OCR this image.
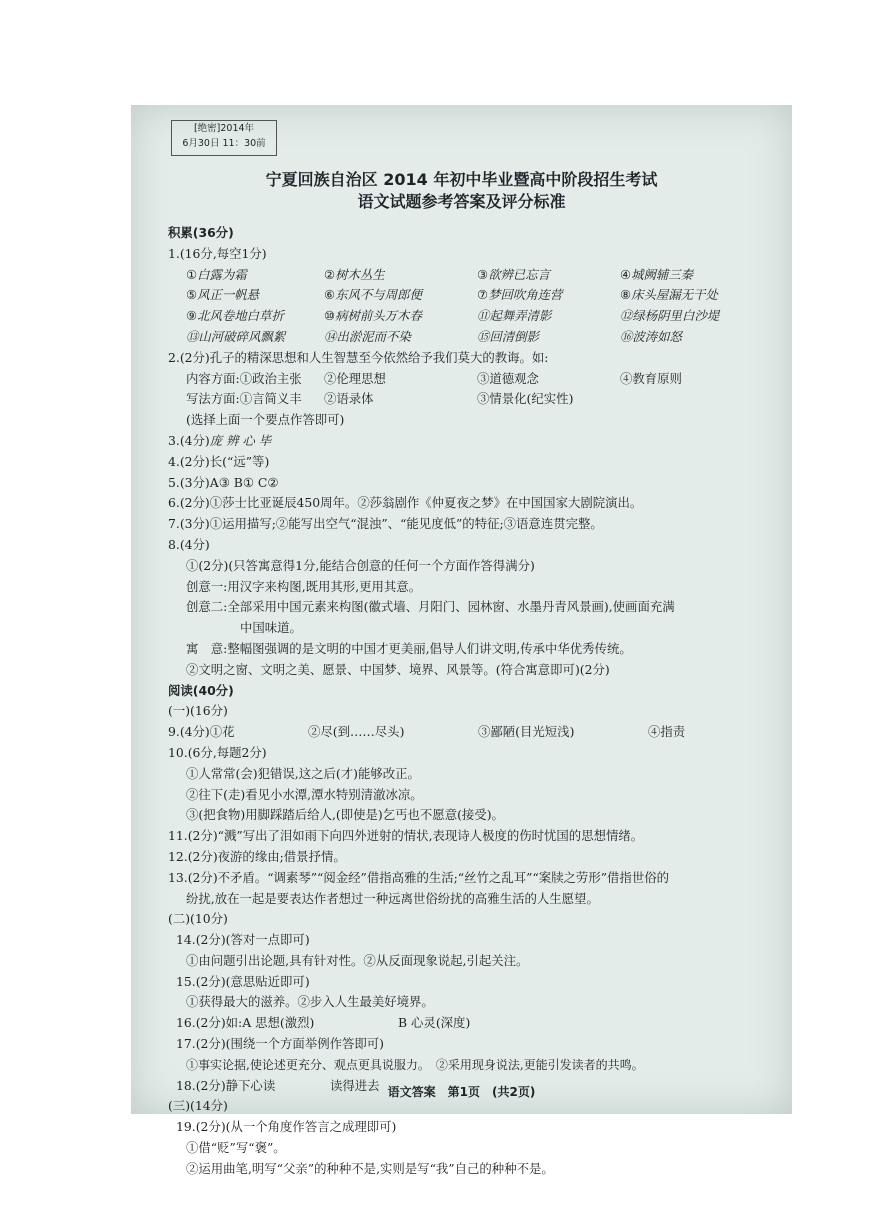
[绝密]2014年
6月30日 11：30前
宁夏回族自治区 2014 年初中毕业暨高中阶段招生考试
语文试题参考答案及评分标准
积累(36分)
1.(16分,每空1分)
①白露为霜	②树木丛生	③欲辨已忘言	④城阙辅三秦
⑤风正一帆悬	⑥东风不与周郎便	⑦梦回吹角连营	⑧床头屋漏无干处
⑨北风卷地白草折	⑩病树前头万木春	⑪起舞弄清影	⑫绿杨阴里白沙堤
⑬山河破碎风飘絮	⑭出淤泥而不染	⑮回清倒影	⑯波涛如怒
2.(2分)孔子的精深思想和人生智慧至今依然给予我们莫大的教诲。如:
内容方面:①政治主张 ②伦理思想	③道德观念	④教育原则
写法方面:①言简义丰 ②语录体	③情景化(纪实性)
(选择上面一个要点作答即可)
3.(4分)庞 辨 心 毕
4.(2分)长(“远”等)
5.(3分)A③ B① C②
6.(2分)①莎士比亚诞辰450周年。②莎翁剧作《仲夏夜之梦》在中国国家大剧院演出。
7.(3分)①运用描写;②能写出空气“混浊”、“能见度低”的特征;③语意连贯完整。
8.(4分)
①(2分)(只答寓意得1分,能结合创意的任何一个方面作答得满分)
创意一:用汉字来构图,既用其形,更用其意。
创意二:全部采用中国元素来构图(徽式墙、月阳门、园林窗、水墨丹青风景画),使画面充满
中国味道。
寓　意:整幅图强调的是文明的中国才更美丽,倡导人们讲文明,传承中华优秀传统。
②文明之窗、文明之美、愿景、中国梦、境界、风景等。(符合寓意即可)(2分)
阅读(40分)
(一)(16分)
9.(4分)①花	②尽(到……尽头)	③鄙陋(目光短浅)	④指责
10.(6分,每题2分)
①人常常(会)犯错误,这之后(才)能够改正。
②往下(走)看见小水潭,潭水特别清澈冰凉。
③(把食物)用脚踩踏后给人,(即使是)乞丐也不愿意(接受)。
11.(2分)“溅”写出了泪如雨下向四外迸射的情状,表现诗人极度的伤时忧国的思想情绪。
12.(2分)夜游的缘由;借景抒情。
13.(2分)不矛盾。“调素琴”“阅金经”借指高雅的生活;“丝竹之乱耳”“案牍之劳形”借指世俗的
纷扰,放在一起是要表达作者想过一种远离世俗纷扰的高雅生活的人生愿望。
(二)(10分)
14.(2分)(答对一点即可)
①由问题引出论题,具有针对性。②从反面现象说起,引起关注。
15.(2分)(意思贴近即可)
①获得最大的滋养。②步入人生最美好境界。
16.(2分)如:A 思想(激烈)	B 心灵(深度)
17.(2分)(围绕一个方面举例作答即可)
①事实论据,使论述更充分、观点更具说服力。　②采用现身说法,更能引发读者的共鸣。
18.(2分)静下心读	读得进去
(三)(14分)
19.(2分)(从一个角度作答言之成理即可)
①借“贬”写“褒”。
②运用曲笔,明写“父亲”的种种不是,实则是写“我”自己的种种不是。
语文答案　第1页　(共2页)
